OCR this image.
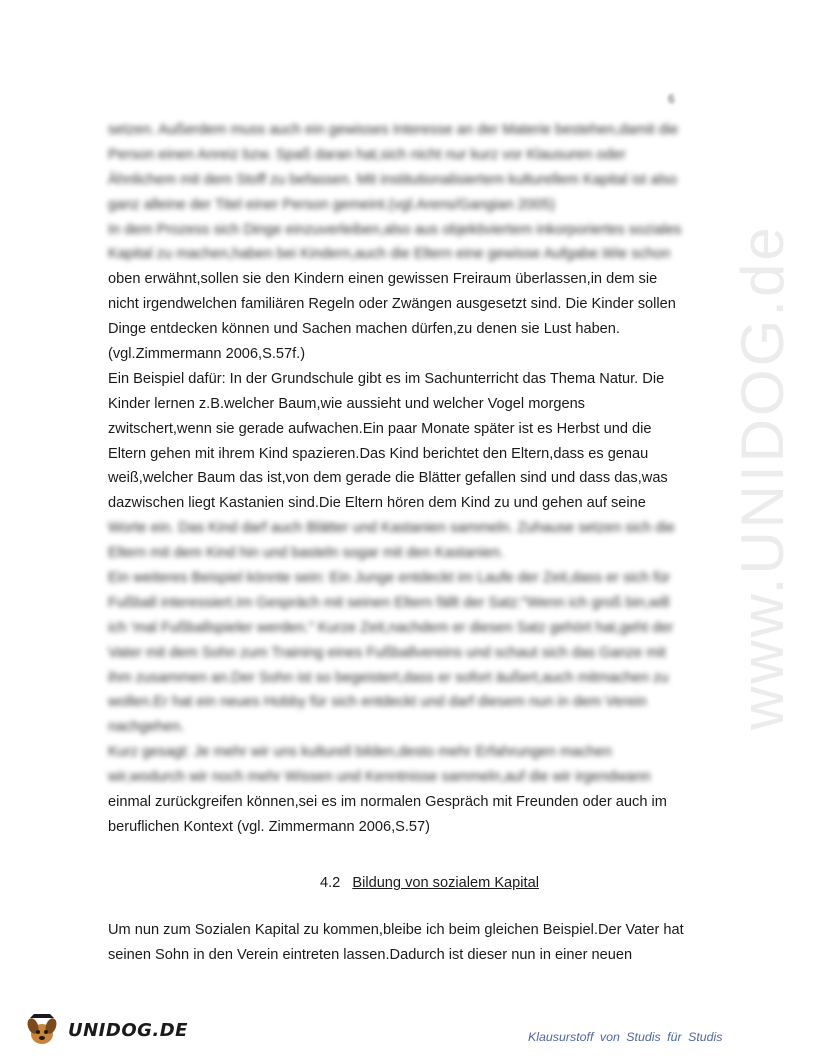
www.UNIDOG.de
6
setzen. Außerdem muss auch ein gewisses Interesse an der Materie bestehen,damit die
Person einen Anreiz bzw. Spaß daran hat,sich nicht nur kurz vor Klausuren oder
Ähnlichem mit dem Stoff zu befassen. Mit institutionalisiertem kulturellem Kapital ist also
ganz alleine der Titel einer Person gemeint.(vgl.Arens/Gangian 2005)
In dem Prozess sich Dinge einzuverleiben,also aus objektiviertem inkorporiertes soziales
Kapital zu machen,haben bei Kindern,auch die Eltern eine gewisse Aufgabe.Wie schon
oben erwähnt,sollen sie den Kindern einen gewissen Freiraum überlassen,in dem sie
nicht irgendwelchen familiären Regeln oder Zwängen ausgesetzt sind. Die Kinder sollen
Dinge entdecken können und Sachen machen dürfen,zu denen sie Lust haben.
(vgl.Zimmermann 2006,S.57f.)
Ein Beispiel dafür: In der Grundschule gibt es im Sachunterricht das Thema Natur. Die
Kinder lernen z.B.welcher Baum,wie aussieht und welcher Vogel morgens
zwitschert,wenn sie gerade aufwachen.Ein paar Monate später ist es Herbst und die
Eltern gehen mit ihrem Kind spazieren.Das Kind berichtet den Eltern,dass es genau
weiß,welcher Baum das ist,von dem gerade die Blätter gefallen sind und dass das,was
dazwischen liegt Kastanien sind.Die Eltern hören dem Kind zu und gehen auf seine
Worte ein. Das Kind darf auch Blätter und Kastanien sammeln. Zuhause setzen sich die
Eltern mit dem Kind hin und basteln sogar mit den Kastanien.
Ein weiteres Beispiel könnte sein: Ein Junge entdeckt im Laufe der Zeit,dass er sich für
Fußball interessiert.Im Gespräch mit seinen Eltern fällt der Satz:"Wenn ich groß bin,will
ich 'mal Fußballspieler werden." Kurze Zeit,nachdem er diesen Satz gehört hat,geht der
Vater mit dem Sohn zum Training eines Fußballvereins und schaut sich das Ganze mit
ihm zusammen an.Der Sohn ist so begeistert,dass er sofort äußert,auch mitmachen zu
wollen.Er hat ein neues Hobby für sich entdeckt und darf diesem nun in dem Verein
nachgehen.
Kurz gesagt: Je mehr wir uns kulturell bilden,desto mehr Erfahrungen machen
wir,wodurch wir noch mehr Wissen und Kenntnisse sammeln,auf die wir irgendwann
einmal zurückgreifen können,sei es im normalen Gespräch mit Freunden oder auch im
beruflichen Kontext (vgl. Zimmermann 2006,S.57)
4.2 Bildung von sozialem Kapital
Um nun zum Sozialen Kapital zu kommen,bleibe ich beim gleichen Beispiel.Der Vater hat
seinen Sohn in den Verein eintreten lassen.Dadurch ist dieser nun in einer neuen
UNIDOG.DE	Klausurstoff von Studis für Studis
